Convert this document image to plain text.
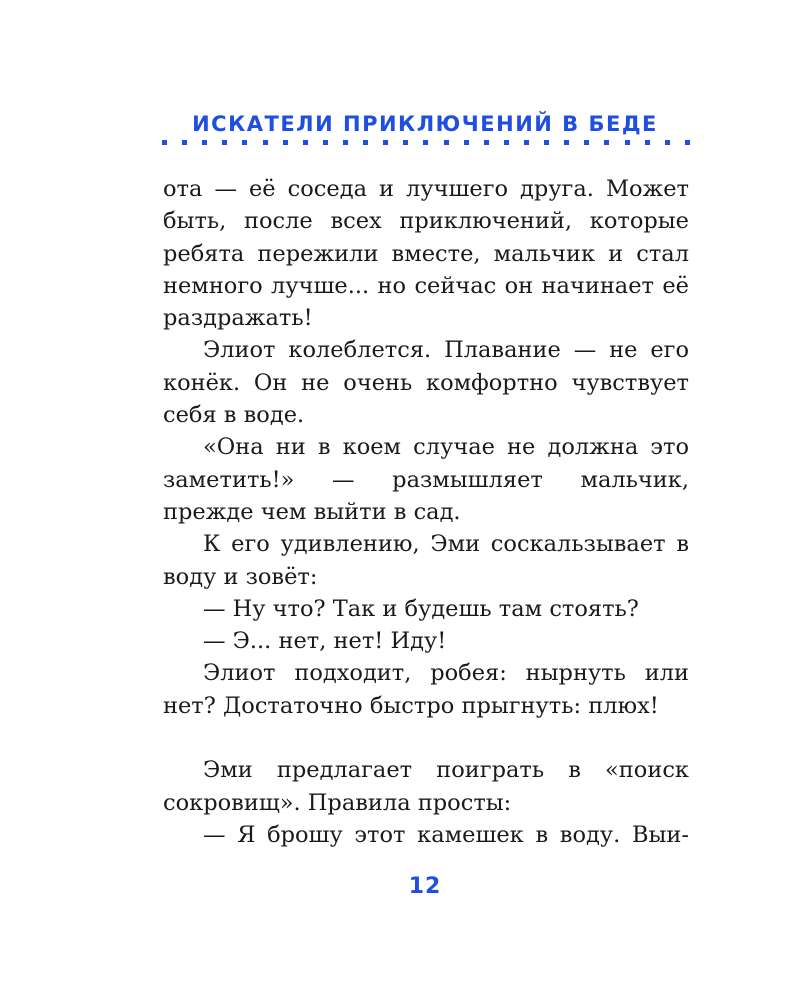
ИСКАТЕЛИ ПРИКЛЮЧЕНИЙ В БЕДЕ

ота — её соседа и лучшего друга. Может быть, после всех приключений, которые ребята пережили вместе, мальчик и стал немного лучше... но сейчас он начинает её раздражать!

Элиот колеблется. Плавание — не его конёк. Он не очень комфортно чувствует себя в воде.

«Она ни в коем случае не должна это заметить!» — размышляет мальчик, прежде чем выйти в сад.

К его удивлению, Эми соскальзывает в воду и зовёт:

— Ну что? Так и будешь там стоять?

— Э... нет, нет! Иду!

Элиот подходит, робея: нырнуть или нет? Достаточно быстро прыгнуть: плюх!

Эми предлагает поиграть в «поиск сокровищ». Правила просты:

— Я брошу этот камешек в воду. Выи-

12
